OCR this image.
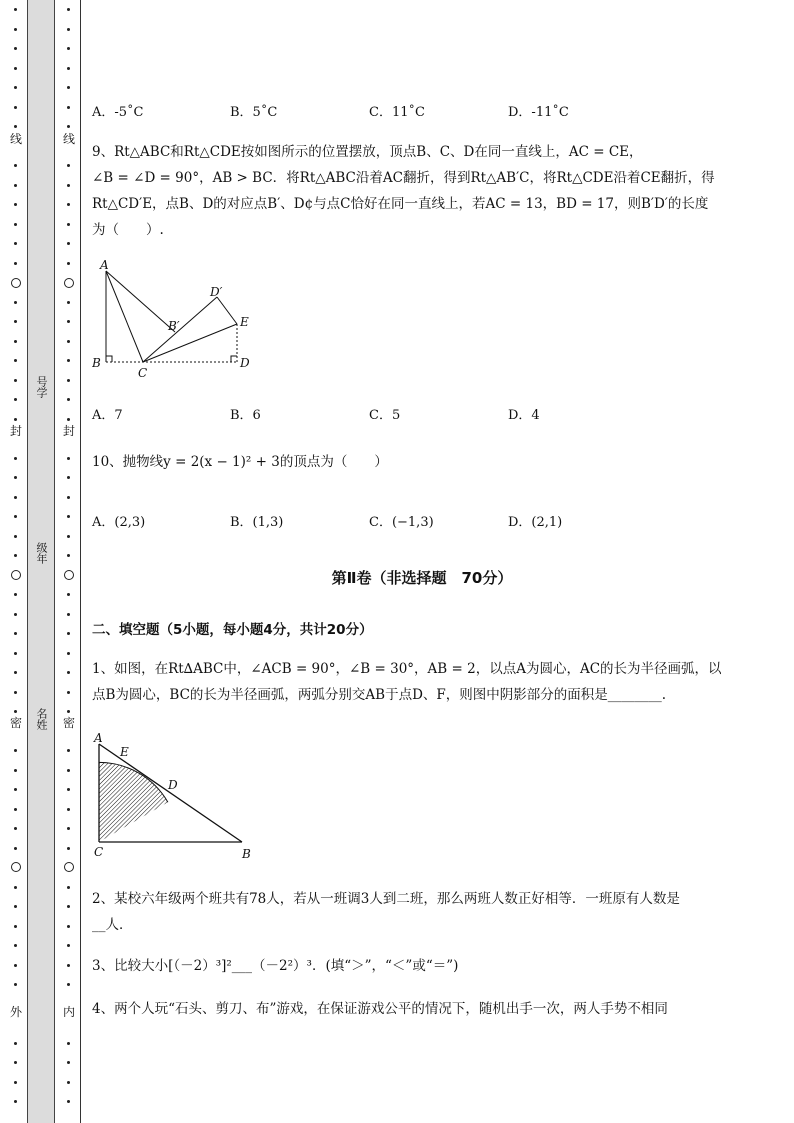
线
封
密
外
号学
级年
名姓
线
封
密
内
A．-5˚C	B．5˚C	C．11˚C	D．-11˚C
9、Rt△ABC和Rt△CDE按如图所示的位置摆放，顶点B、C、D在同一直线上，AC = CE，
∠B = ∠D = 90°，AB > BC．将Rt△ABC沿着AC翻折，得到Rt△AB′C，将Rt△CDE沿着CE翻折，得
Rt△CD′E，点B、D的对应点B′、D¢与点C恰好在同一直线上，若AC = 13，BD = 17，则B′D′的长度
为（　　）.
A
B
C
D
E
B′
D′
A．7	B．6	C．5	D．4
10、抛物线y = 2(x − 1)² + 3的顶点为（　　）
A．(2,3)	B．(1,3)	C．(−1,3)	D．(2,1)
第Ⅱ卷（非选择题　70分）
二、填空题（5小题，每小题4分，共计20分）
1、如图，在Rt∆ABC中，∠ACB = 90°，∠B = 30°，AB = 2，以点A为圆心，AC的长为半径画弧，以
点B为圆心，BC的长为半径画弧，两弧分别交AB于点D、F，则图中阴影部分的面积是________.
A
E
D
C	B
2、某校六年级两个班共有78人，若从一班调3人到二班，那么两班人数正好相等．一班原有人数是
__人．
3、比较大小[（－2）³]²___（－2²）³．(填“＞”，“＜”或“＝”)
4、两个人玩“石头、剪刀、布”游戏，在保证游戏公平的情况下，随机出手一次，两人手势不相同
